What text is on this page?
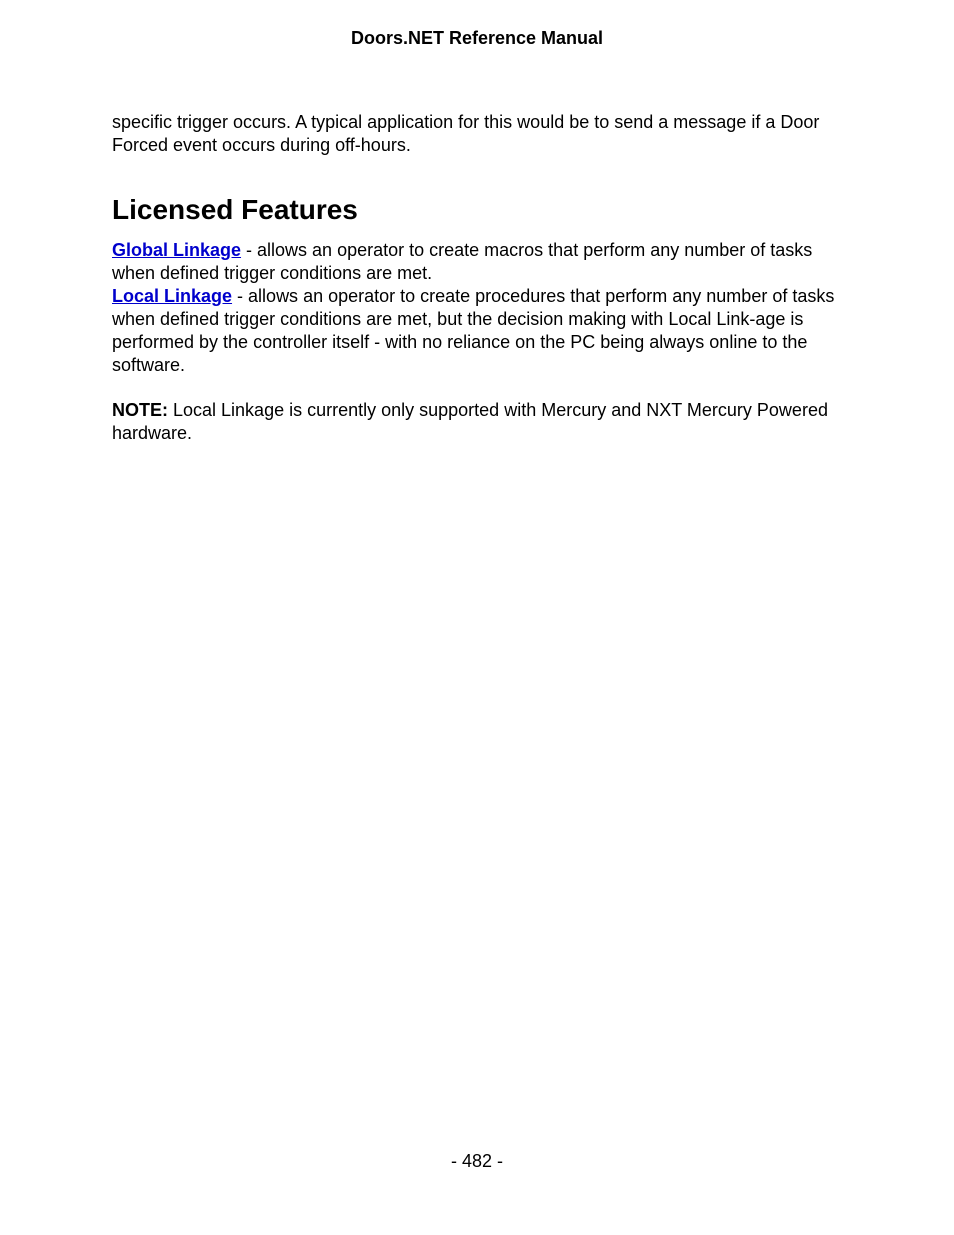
Doors.NET Reference Manual

specific trigger occurs. A typical application for this would be to send a message if a Door Forced event occurs during off-hours.

Licensed Features

Global Linkage - allows an operator to create macros that perform any number of tasks when defined trigger conditions are met.

Local Linkage - allows an operator to create procedures that perform any number of tasks when defined trigger conditions are met, but the decision making with Local Link-age is performed by the controller itself - with no reliance on the PC being always online to the software.

NOTE: Local Linkage is currently only supported with Mercury and NXT Mercury Powered hardware.

- 482 -
